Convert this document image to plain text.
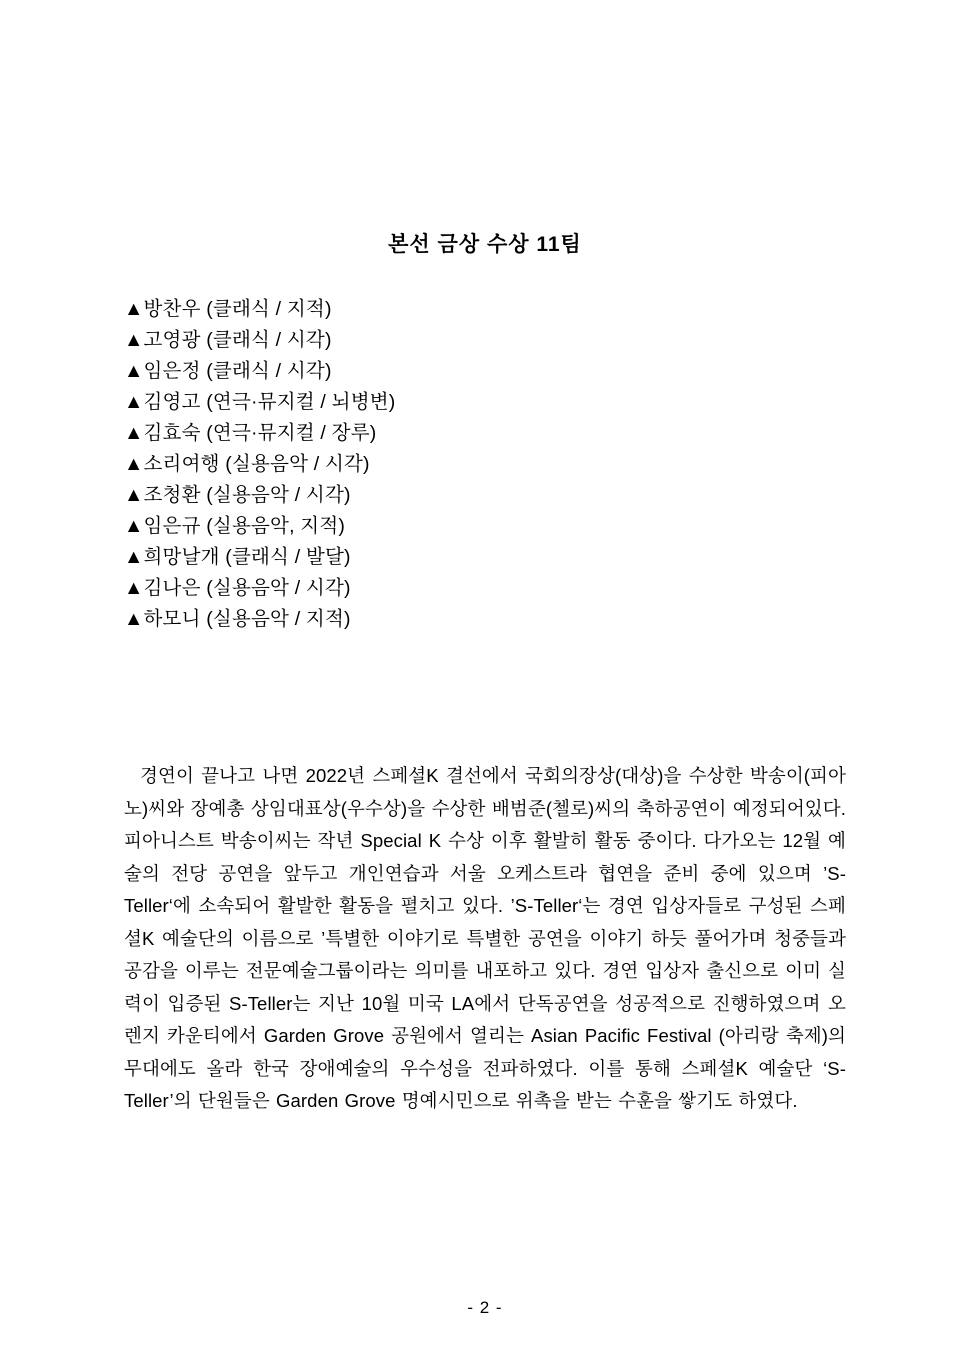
본선 금상 수상 11팀
▲방찬우 (클래식 / 지적)
▲고영광 (클래식 / 시각)
▲임은정 (클래식 / 시각)
▲김영고 (연극·뮤지컬 / 뇌병변)
▲김효숙 (연극·뮤지컬 / 장루)
▲소리여행 (실용음악 / 시각)
▲조청환 (실용음악 / 시각)
▲임은규 (실용음악, 지적)
▲희망날개 (클래식 / 발달)
▲김나은 (실용음악 / 시각)
▲하모니 (실용음악 / 지적)

경연이 끝나고 나면 2022년 스페셜K 결선에서 국회의장상(대상)을 수상한 박송이(피아노)씨와 장예총 상임대표상(우수상)을 수상한 배범준(첼로)씨의 축하공연이 예정되어있다. 피아니스트 박송이씨는 작년 Special K 수상 이후 활발히 활동 중이다. 다가오는 12월 예술의 전당 공연을 앞두고 개인연습과 서울 오케스트라 협연을 준비 중에 있으며 ’S-Teller‘에 소속되어 활발한 활동을 펼치고 있다. ’S-Teller‘는 경연 입상자들로 구성된 스페셜K 예술단의 이름으로 ’특별한 이야기로 특별한 공연을 이야기 하듯 풀어가며 청중들과 공감을 이루는 전문예술그룹이라는 의미를 내포하고 있다. 경연 입상자 출신으로 이미 실력이 입증된 S-Teller는 지난 10월 미국 LA에서 단독공연을 성공적으로 진행하였으며 오렌지 카운티에서 Garden Grove 공원에서 열리는 Asian Pacific Festival (아리랑 축제)의 무대에도 올라 한국 장애예술의 우수성을 전파하였다. 이를 통해 스페셜K 예술단 ‘S-Teller’의 단원들은 Garden Grove 명예시민으로 위촉을 받는 수훈을 쌓기도 하였다.

- 2 -
